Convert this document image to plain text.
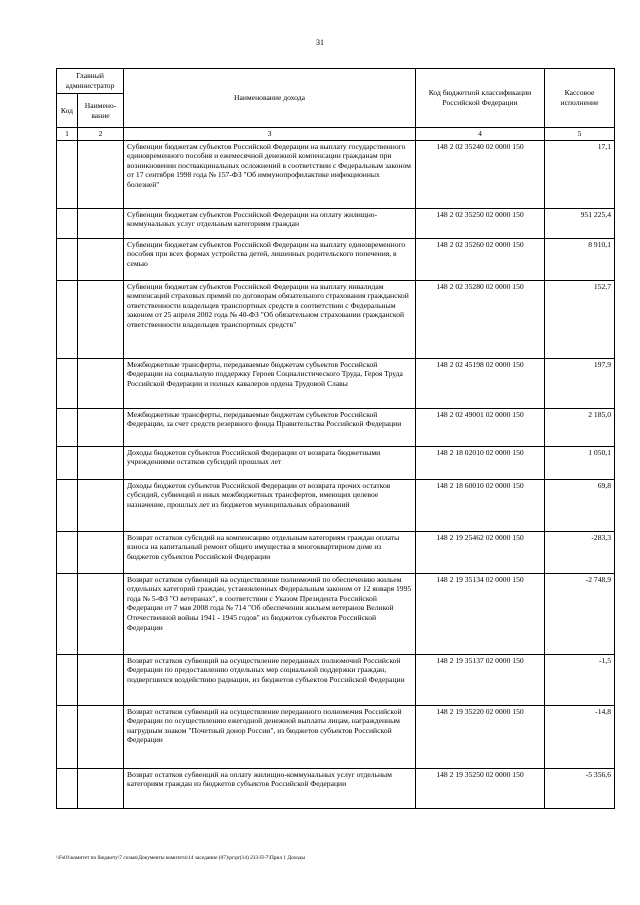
31
Главный администратор		Наименование дохода	Код бюджетной классификации Российской Федерации	Кассовое исполнение
Код	Наимено- вание			
1	2	3	4	5
		Субвенции бюджетам субъектов Российской Федерации на выплату государственного единовременного пособия и ежемесячной денежной компенсации гражданам при возникновении поствакцинальных осложнений в соответствии с Федеральным законом от 17 сентября 1998 года № 157-ФЗ "Об иммунопрофилактике инфекционных болезней"	148 2 02 35240 02 0000 150	17,1
		Субвенции бюджетам субъектов Российской Федерации на оплату жилищно-коммунальных услуг отдельным категориям граждан	148 2 02 35250 02 0000 150	951 225,4
		Субвенции бюджетам субъектов Российской Федерации на выплату единовременного пособия при всех формах устройства детей, лишенных родительского попечения, в семью	148 2 02 35260 02 0000 150	8 910,1
		Субвенции бюджетам субъектов Российской Федерации на выплату инвалидам компенсаций страховых премий по договорам обязательного страхования гражданской ответственности владельцев транспортных средств в соответствии с Федеральным законом от 25 апреля 2002 года № 40-ФЗ "Об обязательном страховании гражданской ответственности владельцев транспортных средств"	148 2 02 35280 02 0000 150	152,7
		Межбюджетные трансферты, передаваемые бюджетам субъектов Российской Федерации на социальную поддержку Героев Социалистического Труда, Героя Труда Российской Федерации и полных кавалеров ордена Трудовой Славы	148 2 02 45198 02 0000 150	197,9
		Межбюджетные трансферты, передаваемые бюджетам субъектов Российской Федерации, за счет средств резервного фонда Правительства Российской Федерации	148 2 02 49001 02 0000 150	2 185,0
		Доходы бюджетов субъектов Российской Федерации от возврата бюджетными учреждениями остатков субсидий прошлых лет	148 2 18 02010 02 0000 150	1 050,1
		Доходы бюджетов субъектов Российской Федерации от возврата прочих остатков субсидий, субвенций и иных межбюджетных трансфертов, имеющих целевое назначение, прошлых лет из бюджетов муниципальных образований	148 2 18 60010 02 0000 150	69,8
		Возврат остатков субсидий на компенсацию отдельным категориям граждан оплаты взноса на капитальный ремонт общего имущества в многоквартирном доме из бюджетов субъектов Российской Федерации	148 2 19 25462 02 0000 150	-283,3
		Возврат остатков субвенций на осуществление полномочий по обеспечению жильем отдельных категорий граждан, установленных Федеральным законом от 12 января 1995 года № 5-ФЗ "О ветеранах", в соответствии с Указом Президента Российской Федерации от 7 мая 2008 года № 714 "Об обеспечении жильем ветеранов Великой Отечественной войны 1941 - 1945 годов" из бюджетов субъектов Российской Федерации	148 2 19 35134 02 0000 150	-2 748,9
		Возврат остатков субвенций на осуществление переданных полномочий Российской Федерации по предоставлению отдельных мер социальной поддержки граждан, подвергшихся воздействию радиации, из бюджетов субъектов Российской Федерации	148 2 19 35137 02 0000 150	-1,5
		Возврат остатков субвенций на осуществление переданного полномочия Российской Федерации по осуществлению ежегодной денежной выплаты лицам, награжденным нагрудным знаком "Почетный донор России", из бюджетов субъектов Российской Федерации	148 2 19 35220 02 0000 150	-14,8
		Возврат остатков субвенций на оплату жилищно-коммунальных услуг отдельным категориям граждан из бюджетов субъектов Российской Федерации	148 2 19 35250 02 0000 150	-5 356,6
\\Fs01\комитет по бюджету\7 созыв\Документы комитета\14 заседание (07)\pr\pr(14) 233-П-7\Прил 1 Доходы
